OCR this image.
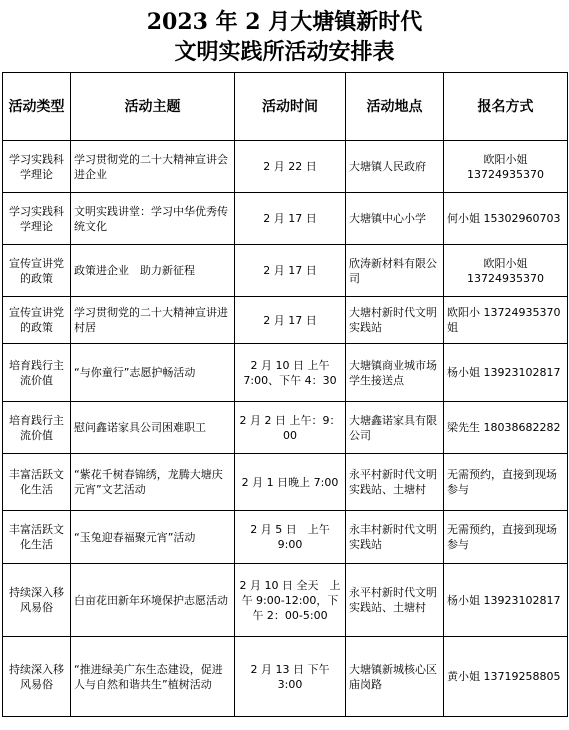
2023 年 2 月大塘镇新时代
文明实践所活动安排表
活动类型	活动主题	活动时间	活动地点	报名方式
学习实践科学理论	学习贯彻党的二十大精神宣讲会进企业	2 月 22 日	大塘镇人民政府	欧阳小姐 13724935370
学习实践科学理论	文明实践讲堂：学习中华优秀传统文化	2 月 17 日	大塘镇中心小学	何小姐 15302960703
宣传宣讲党的政策	政策进企业　助力新征程	2 月 17 日	欣涛新材料有限公司	欧阳小姐 13724935370
宣传宣讲党的政策	学习贯彻党的二十大精神宣讲进村居	2 月 17 日	大塘村新时代文明实践站	欧阳小 13724935370 姐
培育践行主流价值	“与你童行”志愿护畅活动	2 月 10 日 上午 7:00、下午 4：30	大塘镇商业城市场学生接送点	杨小姐 13923102817
培育践行主流价值	慰问鑫诺家具公司困难职工	2 月 2 日 上午：9：00	大塘鑫诺家具有限公司	梁先生 18038682282
丰富活跃文化生活	“紫花千树春锦绣，龙腾大塘庆元宵”文艺活动	2 月 1 日晚上 7:00	永平村新时代文明实践站、土塘村	无需预约，直接到现场参与
丰富活跃文化生活	“玉兔迎春福聚元宵”活动	2 月 5 日　上午 9:00	永丰村新时代文明实践站	无需预约，直接到现场参与
持续深入移风易俗	白亩花田新年环境保护志愿活动	2 月 10 日 全天　上午 9:00-12:00，下午 2：00-5:00	永平村新时代文明实践站、土塘村	杨小姐 13923102817
持续深入移风易俗	“推进绿美广东生态建设，促进人与自然和谐共生”植树活动	2 月 13 日 下午 3:00	大塘镇新城核心区庙岗路	黄小姐 13719258805
